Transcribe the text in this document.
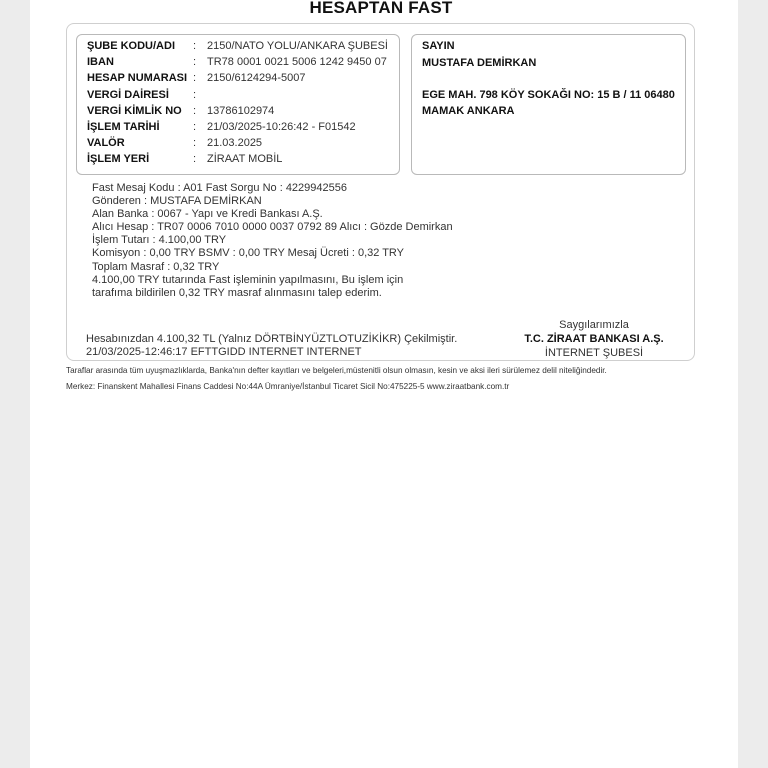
HESAPTAN FAST
ŞUBE KODU/ADI	: 2150/NATO YOLU/ANKARA ŞUBESİ
IBAN	: TR78 0001 0021 5006 1242 9450 07
HESAP NUMARASI : 2150/6124294-5007
VERGİ DAİRESİ	:
VERGİ KİMLİK NO	: 13786102974
İŞLEM TARİHİ	: 21/03/2025-10:26:42 - F01542
VALÖR	: 21.03.2025
İŞLEM YERİ	: ZİRAAT MOBİL
SAYIN
MUSTAFA DEMİRKAN
EGE MAH. 798 KÖY SOKAĞI NO: 15 B / 11 06480
MAMAK ANKARA
Fast Mesaj Kodu : A01 Fast Sorgu No : 4229942556
Gönderen : MUSTAFA DEMİRKAN
Alan Banka : 0067 - Yapı ve Kredi Bankası A.Ş.
Alıcı Hesap : TR07 0006 7010 0000 0037 0792 89 Alıcı : Gözde Demirkan
İşlem Tutarı : 4.100,00 TRY
Komisyon : 0,00 TRY BSMV : 0,00 TRY Mesaj Ücreti : 0,32 TRY
Toplam Masraf : 0,32 TRY
4.100,00 TRY tutarında Fast işleminin yapılmasını, Bu işlem için
tarafıma bildirilen 0,32 TRY masraf alınmasını talep ederim.
Hesabınızdan 4.100,32 TL (Yalnız DÖRTBİNYÜZTLOTUZİKİKR) Çekilmiştir.
21/03/2025-12:46:17 EFTTGIDD INTERNET INTERNET
Saygılarımızla
T.C. ZİRAAT BANKASI A.Ş.
İNTERNET ŞUBESİ
Taraflar arasında tüm uyuşmazlıklarda, Banka'nın defter kayıtları ve belgeleri,müstenitli olsun olmasın, kesin ve aksi ileri sürülemez delil niteliğindedir.
Merkez: Finanskent Mahallesi Finans Caddesi No:44A Ümraniye/İstanbul Ticaret Sicil No:475225-5 www.ziraatbank.com.tr
